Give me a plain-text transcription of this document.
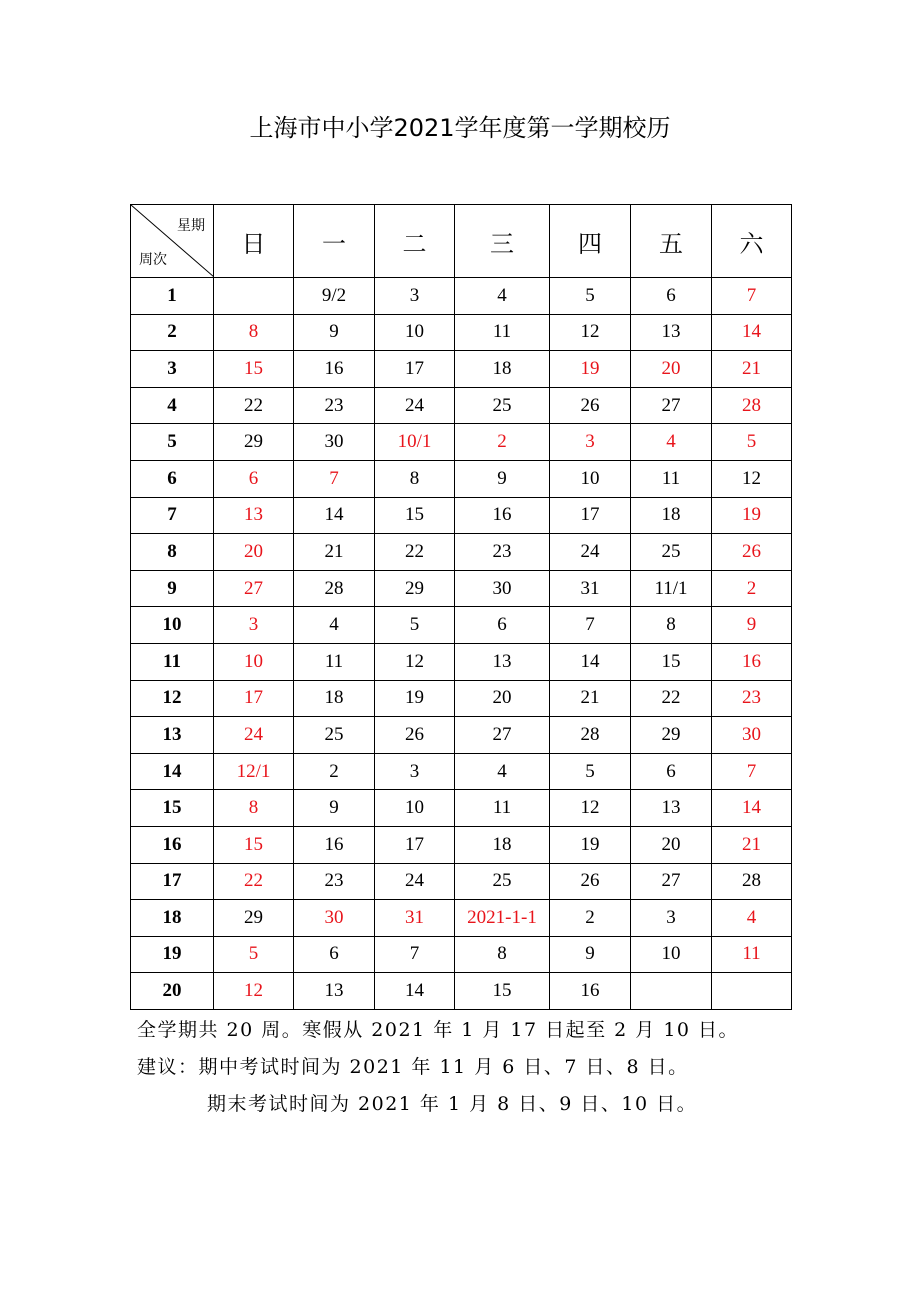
上海市中小学2021学年度第一学期校历
星期
周次	日	一	二	三	四	五	六
1		9/2	3	4	5	6	7
2	8	9	10	11	12	13	14
3	15	16	17	18	19	20	21
4	22	23	24	25	26	27	28
5	29	30	10/1	2	3	4	5
6	6	7	8	9	10	11	12
7	13	14	15	16	17	18	19
8	20	21	22	23	24	25	26
9	27	28	29	30	31	11/1	2
10	3	4	5	6	7	8	9
11	10	11	12	13	14	15	16
12	17	18	19	20	21	22	23
13	24	25	26	27	28	29	30
14	12/1	2	3	4	5	6	7
15	8	9	10	11	12	13	14
16	15	16	17	18	19	20	21
17	22	23	24	25	26	27	28
18	29	30	31	2021-1-1	2	3	4
19	5	6	7	8	9	10	11
20	12	13	14	15	16		
全学期共 20 周。寒假从 2021 年 1 月 17 日起至 2 月 10 日。
建议：期中考试时间为 2021 年 11 月 6 日、7 日、8 日。
期末考试时间为 2021 年 1 月 8 日、9 日、10 日。
